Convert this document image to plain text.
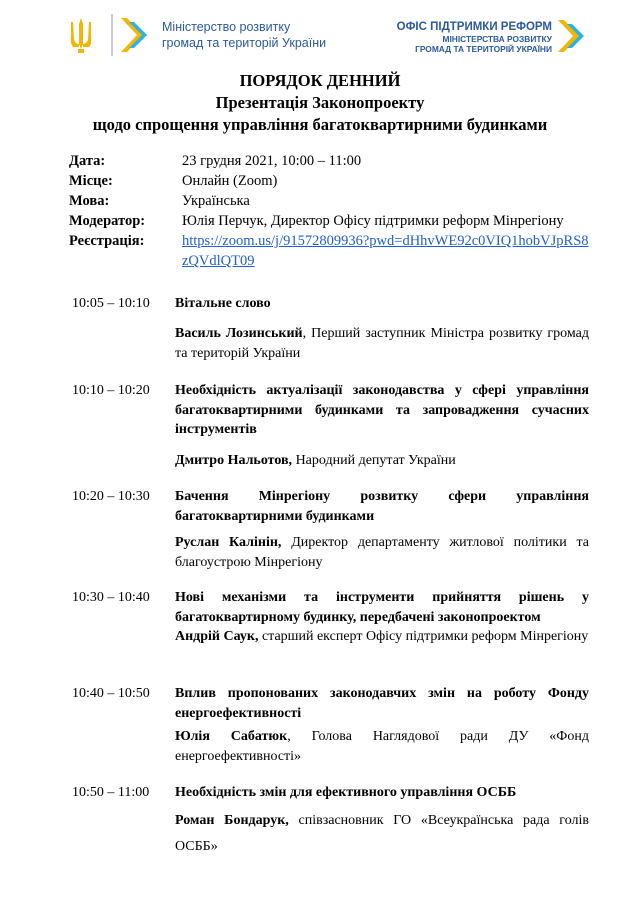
Міністерство розвитку
громад та територій України
ОФІС ПІДТРИМКИ РЕФОРМ
МІНІСТЕРСТВА РОЗВИТКУ
ГРОМАД ТА ТЕРИТОРІЙ УКРАЇНИ
ПОРЯДОК ДЕННИЙ
Презентація Законопроекту
щодо спрощення управління багатоквартирними будинками
Дата:	23 грудня 2021, 10:00 – 11:00
Місце:	Онлайн (Zoom)
Мова:	Українська
Модератор:	Юлія Перчук, Директор Офісу підтримки реформ Мінрегіону
Реєстрація:	https://zoom.us/j/91572809936?pwd=dHhvWE92c0VIQ1hobVJpRS8zQVdlQT09
10:05 – 10:10	Вітальне слово
Василь Лозинський, Перший заступник Міністра розвитку громад та територій України
10:10 – 10:20	Необхідність актуалізації законодавства у сфері управління багатоквартирними будинками та запровадження сучасних інструментів
Дмитро Нальотов, Народний депутат України
10:20 – 10:30	Бачення Мінрегіону розвитку сфери управління багатоквартирними будинками
Руслан Калінін, Директор департаменту житлової політики та благоустрою Мінрегіону
10:30 – 10:40	Нові механізми та інструменти прийняття рішень у багатоквартирному будинку, передбачені законопроектом
Андрій Саук, старший експерт Офісу підтримки реформ Мінрегіону
10:40 – 10:50	Вплив пропонованих законодавчих змін на роботу Фонду енергоефективності
Юлія Сабатюк, Голова Наглядової ради ДУ «Фонд енергоефективності»
10:50 – 11:00	Необхідність змін для ефективного управління ОСББ
Роман Бондарук, співзасновник ГО «Всеукраїнська рада голів ОСББ»
